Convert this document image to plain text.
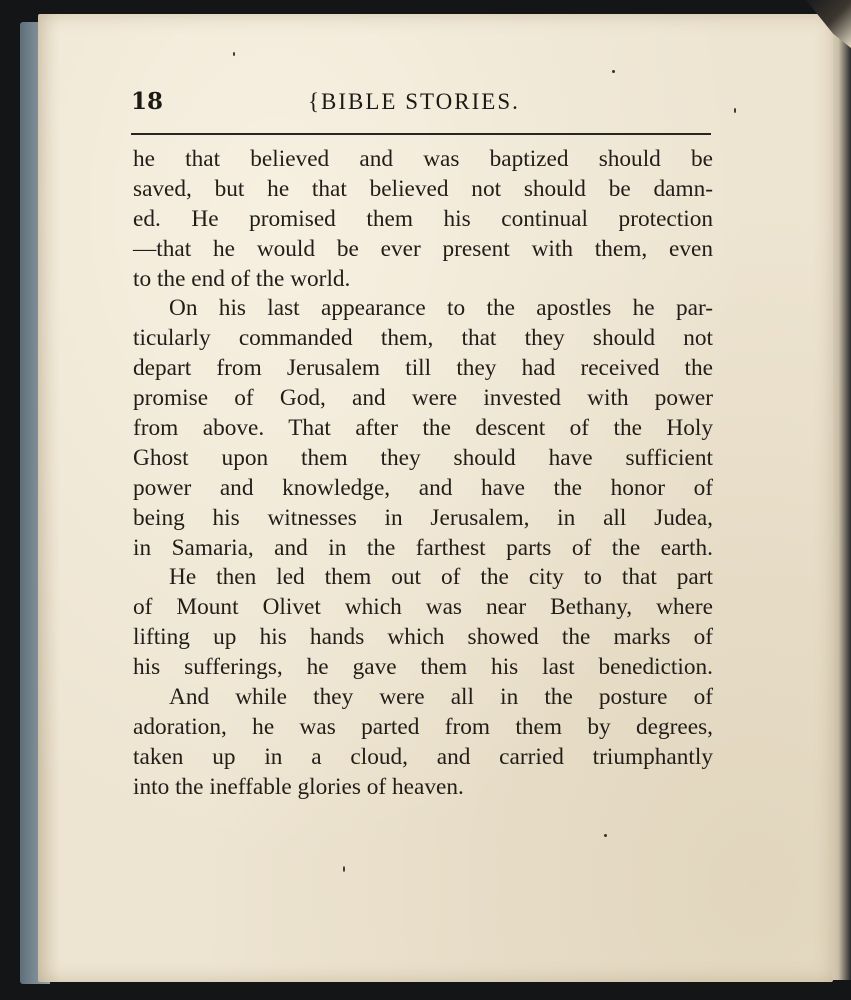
18	{BIBLE STORIES.
he that believed and was baptized should be
saved, but he that believed not should be damn-
ed. He promised them his continual protection
—that he would be ever present with them, even
to the end of the world.
On his last appearance to the apostles he par-
ticularly commanded them, that they should not
depart from Jerusalem till they had received the
promise of God, and were invested with power
from above. That after the descent of the Holy
Ghost upon them they should have sufficient
power and knowledge, and have the honor of
being his witnesses in Jerusalem, in all Judea,
in Samaria, and in the farthest parts of the earth.
He then led them out of the city to that part
of Mount Olivet which was near Bethany, where
lifting up his hands which showed the marks of
his sufferings, he gave them his last benediction.
And while they were all in the posture of
adoration, he was parted from them by degrees,
taken up in a cloud, and carried triumphantly
into the ineffable glories of heaven.
